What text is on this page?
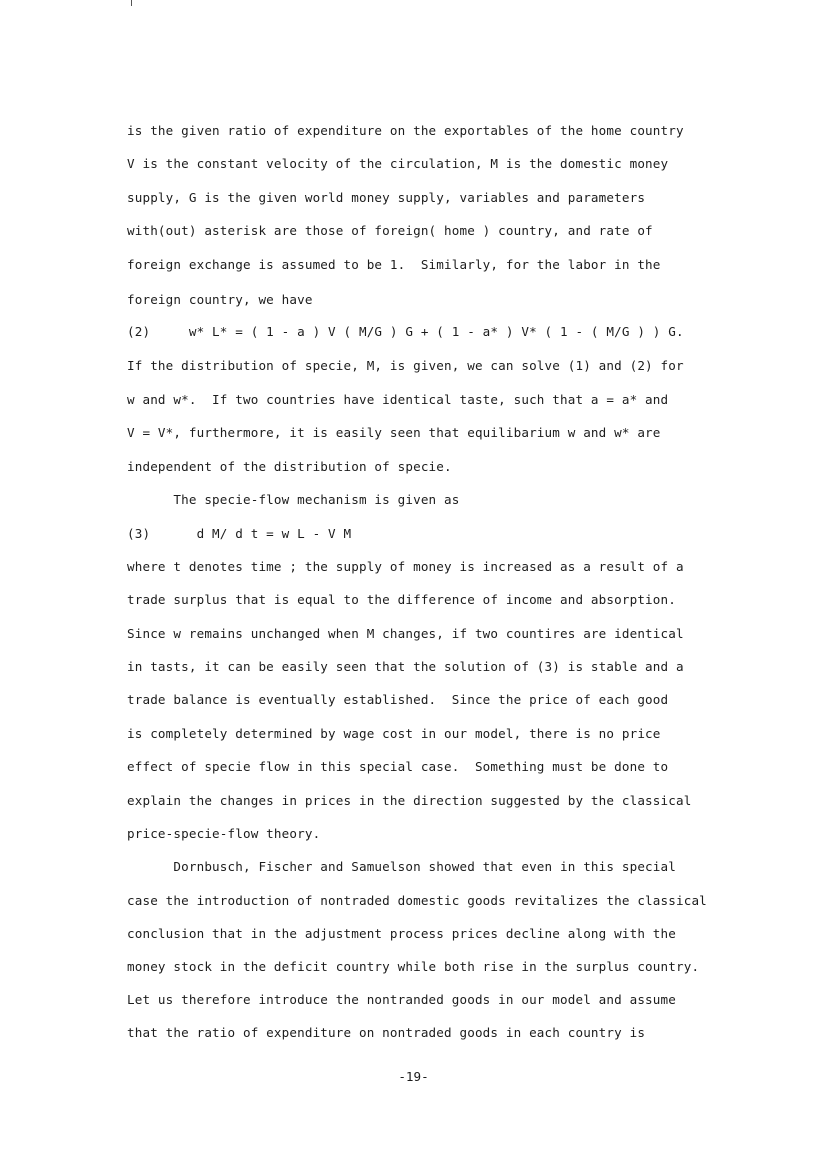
is the given ratio of expenditure on the exportables of the home country
V is the constant velocity of the circulation, M is the domestic money
supply, G is the given world money supply, variables and parameters
with(out) asterisk are those of foreign( home ) country, and rate of
foreign exchange is assumed to be 1.  Similarly, for the labor in the
foreign country, we have
(2)     w* L* = ( 1 - a ) V ( M/G ) G + ( 1 - a* ) V* ( 1 - ( M/G ) ) G.
If the distribution of specie, M, is given, we can solve (1) and (2) for
w and w*.  If two countries have identical taste, such that a = a* and
V = V*, furthermore, it is easily seen that equilibarium w and w* are
independent of the distribution of specie.
The specie-flow mechanism is given as
(3)      d M/ d t = w L - V M
where t denotes time ; the supply of money is increased as a result of a
trade surplus that is equal to the difference of income and absorption.
Since w remains unchanged when M changes, if two countires are identical
in tasts, it can be easily seen that the solution of (3) is stable and a
trade balance is eventually established.  Since the price of each good
is completely determined by wage cost in our model, there is no price
effect of specie flow in this special case.  Something must be done to
explain the changes in prices in the direction suggested by the classical
price-specie-flow theory.
Dornbusch, Fischer and Samuelson showed that even in this special
case the introduction of nontraded domestic goods revitalizes the classical
conclusion that in the adjustment process prices decline along with the
money stock in the deficit country while both rise in the surplus country.
Let us therefore introduce the nontranded goods in our model and assume
that the ratio of expenditure on nontraded goods in each country is
-19-
